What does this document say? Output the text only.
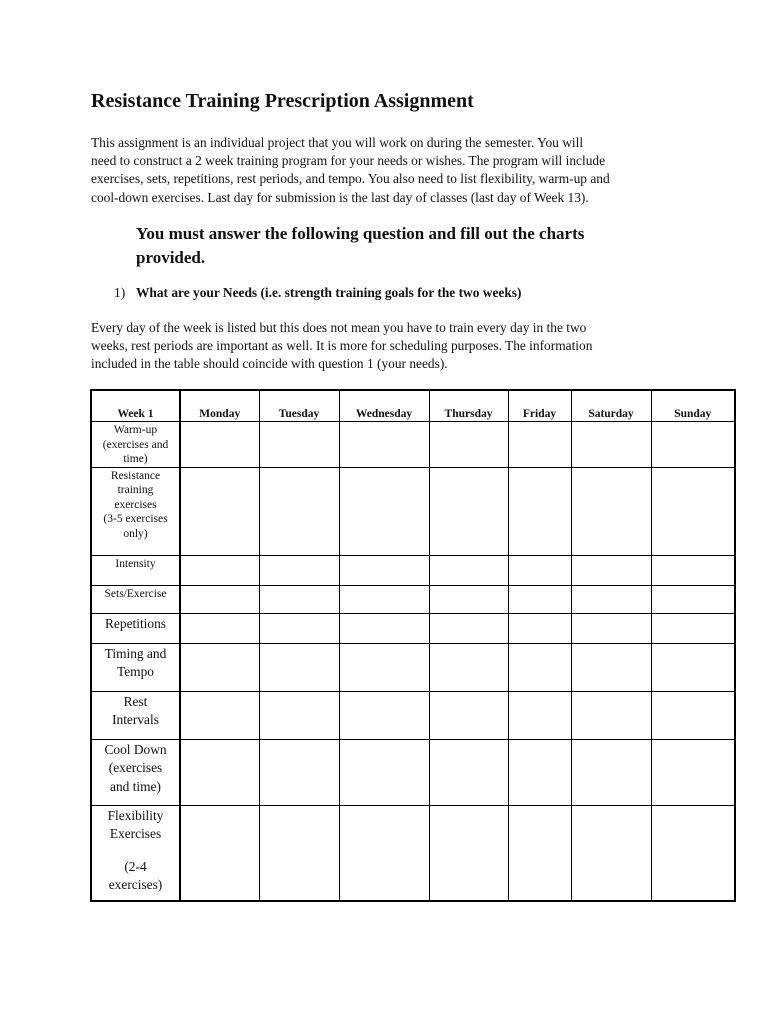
Resistance Training Prescription Assignment
This assignment is an individual project that you will work on during the semester. You will
need to construct a 2 week training program for your needs or wishes. The program will include
exercises, sets, repetitions, rest periods, and tempo. You also need to list flexibility, warm-up and
cool-down exercises. Last day for submission is the last day of classes (last day of Week 13).
You must answer the following question and fill out the charts
provided.
1) What are your Needs (i.e. strength training goals for the two weeks)
Every day of the week is listed but this does not mean you have to train every day in the two
weeks, rest periods are important as well. It is more for scheduling purposes. The information
included in the table should coincide with question 1 (your needs).
Week 1	Monday	Tuesday	Wednesday	Thursday	Friday	Saturday	Sunday

Warm-up
(exercises and
time)							

Resistance
training
exercises
(3-5 exercises
only)							

Intensity							

Sets/Exercise							

Repetitions							

Timing and
Tempo							

Rest
Intervals							

Cool Down
(exercises
and time)							

Flexibility
Exercises
(2-4
exercises)							
